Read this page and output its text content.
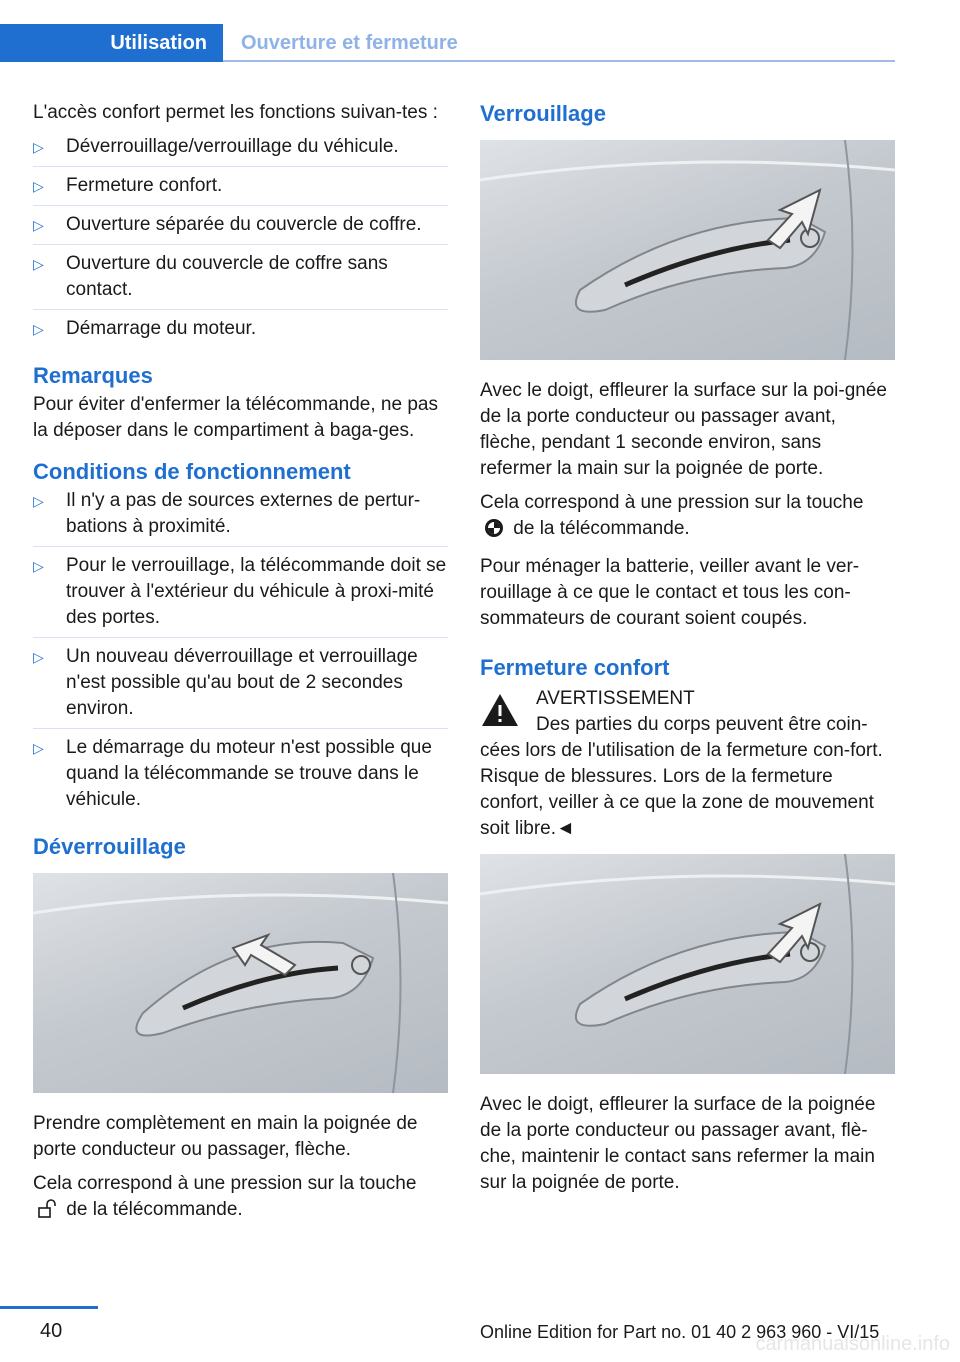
Utilisation	Ouverture et fermeture

L'accès confort permet les fonctions suivan-tes :

▷ Déverrouillage/verrouillage du véhicule.
▷ Fermeture confort.
▷ Ouverture séparée du couvercle de coffre.
▷ Ouverture du couvercle de coffre sans contact.
▷ Démarrage du moteur.
Remarques

Pour éviter d'enfermer la télécommande, ne pas la déposer dans le compartiment à baga-ges.

Conditions de fonctionnement
▷ Il n'y a pas de sources externes de pertur-bations à proximité.
▷ Pour le verrouillage, la télécommande doit se trouver à l'extérieur du véhicule à proxi-mité des portes.
▷ Un nouveau déverrouillage et verrouillage n'est possible qu'au bout de 2 secondes environ.
▷ Le démarrage du moteur n'est possible que quand la télécommande se trouve dans le véhicule.
Déverrouillage

Prendre complètement en main la poignée de porte conducteur ou passager, flèche.

Cela correspond à une pression sur la touche  de la télécommande.

Verrouillage

Avec le doigt, effleurer la surface sur la poi-gnée de la porte conducteur ou passager avant, flèche, pendant 1 seconde environ, sans refermer la main sur la poignée de porte.

Cela correspond à une pression sur la touche  de la télécommande.

Pour ménager la batterie, veiller avant le ver-rouillage à ce que le contact et tous les con-sommateurs de courant soient coupés.

Fermeture confort
AVERTISSEMENT

Des parties du corps peuvent être coin-cées lors de l'utilisation de la fermeture con-fort. Risque de blessures. Lors de la fermeture confort, veiller à ce que la zone de mouvement soit libre.◄

Avec le doigt, effleurer la surface de la poignée de la porte conducteur ou passager avant, flè-che, maintenir le contact sans refermer la main sur la poignée de porte.

40	Online Edition for Part no. 01 40 2 963 960 - VI/15
carmanualsonline.info
